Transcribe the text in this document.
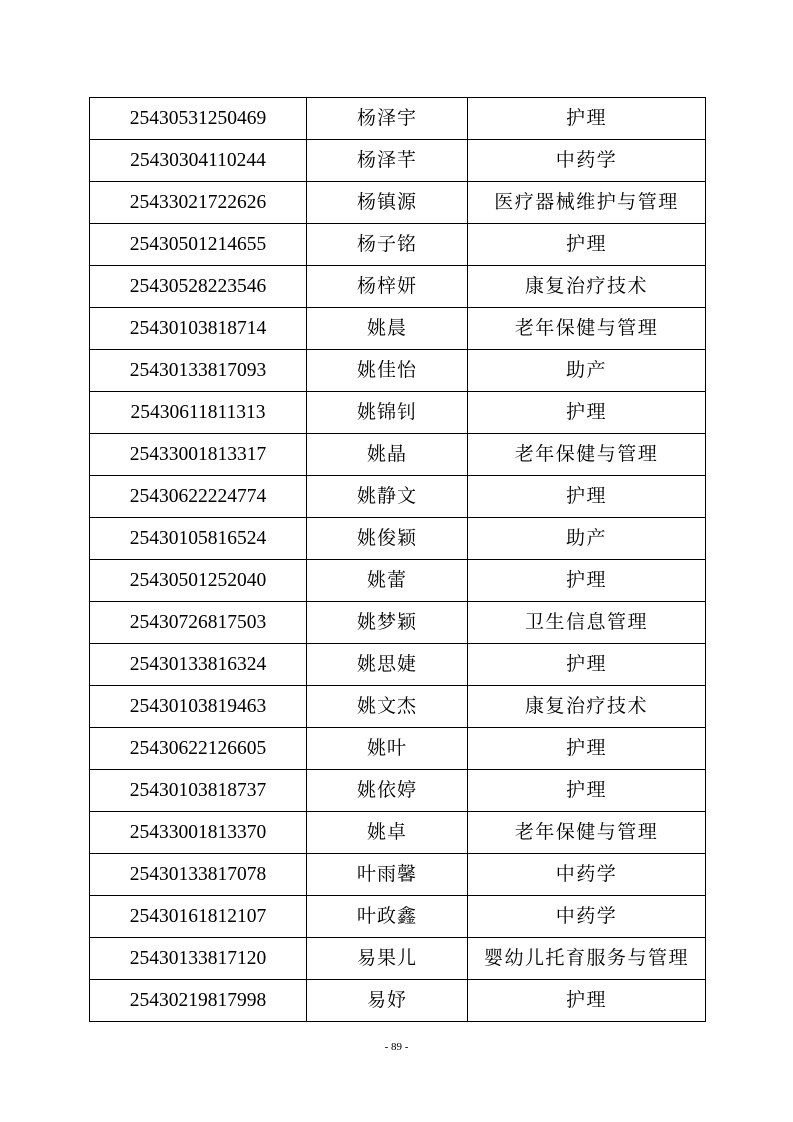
25430531250469	杨泽宇	护理
25430304110244	杨泽芊	中药学
25433021722626	杨镇源	医疗器械维护与管理
25430501214655	杨子铭	护理
25430528223546	杨梓妍	康复治疗技术
25430103818714	姚晨	老年保健与管理
25430133817093	姚佳怡	助产
25430611811313	姚锦钊	护理
25433001813317	姚晶	老年保健与管理
25430622224774	姚静文	护理
25430105816524	姚俊颖	助产
25430501252040	姚蕾	护理
25430726817503	姚梦颖	卫生信息管理
25430133816324	姚思婕	护理
25430103819463	姚文杰	康复治疗技术
25430622126605	姚叶	护理
25430103818737	姚依婷	护理
25433001813370	姚卓	老年保健与管理
25430133817078	叶雨馨	中药学
25430161812107	叶政鑫	中药学
25430133817120	易果儿	婴幼儿托育服务与管理
25430219817998	易妤	护理
- 89 -
